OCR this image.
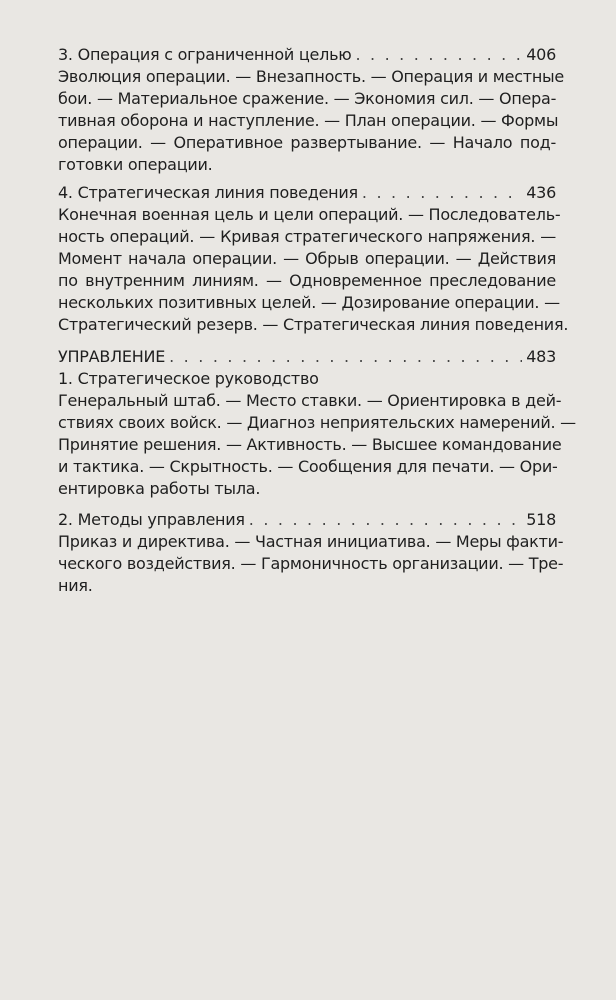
3. Операция с ограниченной целью . . .	406
Эволюция операции. — Внезапность. — Операция и местные
бои. — Материальное сражение. — Экономия сил. — Опера-
тивная оборона и наступление. — План операции. — Формы
операции. — Оперативное развертывание. — Начало под-
готовки операции.
4. Стратегическая линия поведения . . .	436
Конечная военная цель и цели операций. — Последователь-
ность операций. — Кривая стратегического напряжения. —
Момент начала операции. — Обрыв операции. — Действия
по внутренним линиям. — Одновременное преследование
нескольких позитивных целей. — Дозирование операции. —
Стратегический резерв. — Стратегическая линия поведения.
УПРАВЛЕНИЕ . . .	483
1. Стратегическое руководство
Генеральный штаб. — Место ставки. — Ориентировка в дей-
ствиях своих войск. — Диагноз неприятельских намерений. —
Принятие решения. — Активность. — Высшее командование
и тактика. — Скрытность. — Сообщения для печати. — Ори-
ентировка работы тыла.
2. Методы управления . . .	518
Приказ и директива. — Частная инициатива. — Меры факти-
ческого воздействия. — Гармоничность организации. — Тре-
ния.
